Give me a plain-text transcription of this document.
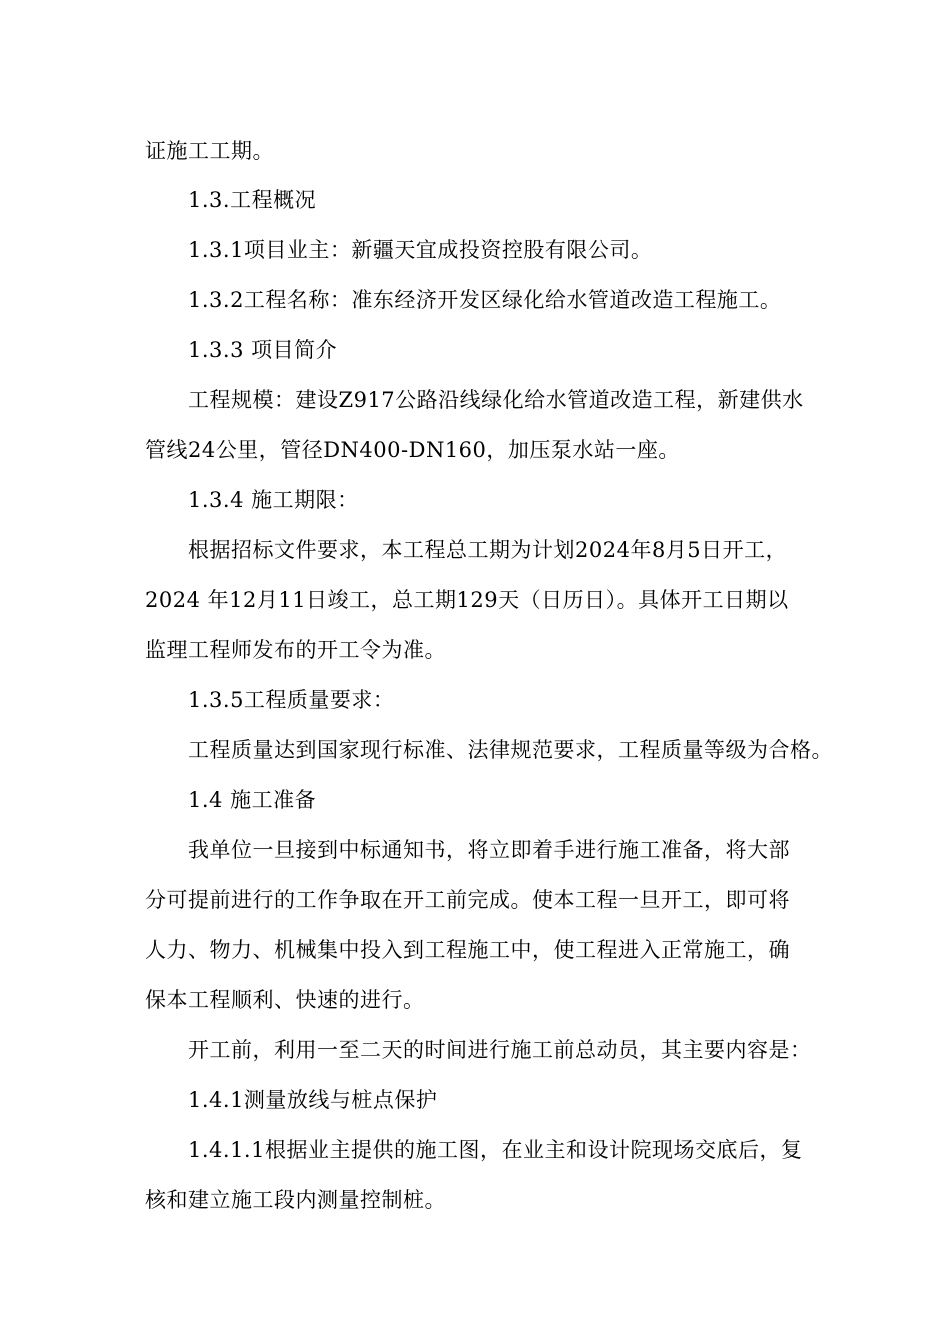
证施工工期。
1.3.工程概况
1.3.1项目业主：新疆天宜成投资控股有限公司。
1.3.2工程名称：准东经济开发区绿化给水管道改造工程施工。
1.3.3 项目简介
工程规模：建设Z917公路沿线绿化给水管道改造工程，新建供水
管线24公里，管径DN400-DN160，加压泵水站一座。
1.3.4 施工期限：
根据招标文件要求，本工程总工期为计划2024年8月5日开工，
2024 年12月11日竣工，总工期129天（日历日）。具体开工日期以
监理工程师发布的开工令为准。
1.3.5工程质量要求：
工程质量达到国家现行标准、法律规范要求，工程质量等级为合格。
1.4 施工准备
我单位一旦接到中标通知书，将立即着手进行施工准备，将大部
分可提前进行的工作争取在开工前完成。使本工程一旦开工，即可将
人力、物力、机械集中投入到工程施工中，使工程进入正常施工，确
保本工程顺利、快速的进行。
开工前，利用一至二天的时间进行施工前总动员，其主要内容是：
1.4.1测量放线与桩点保护
1.4.1.1根据业主提供的施工图，在业主和设计院现场交底后，复
核和建立施工段内测量控制桩。
